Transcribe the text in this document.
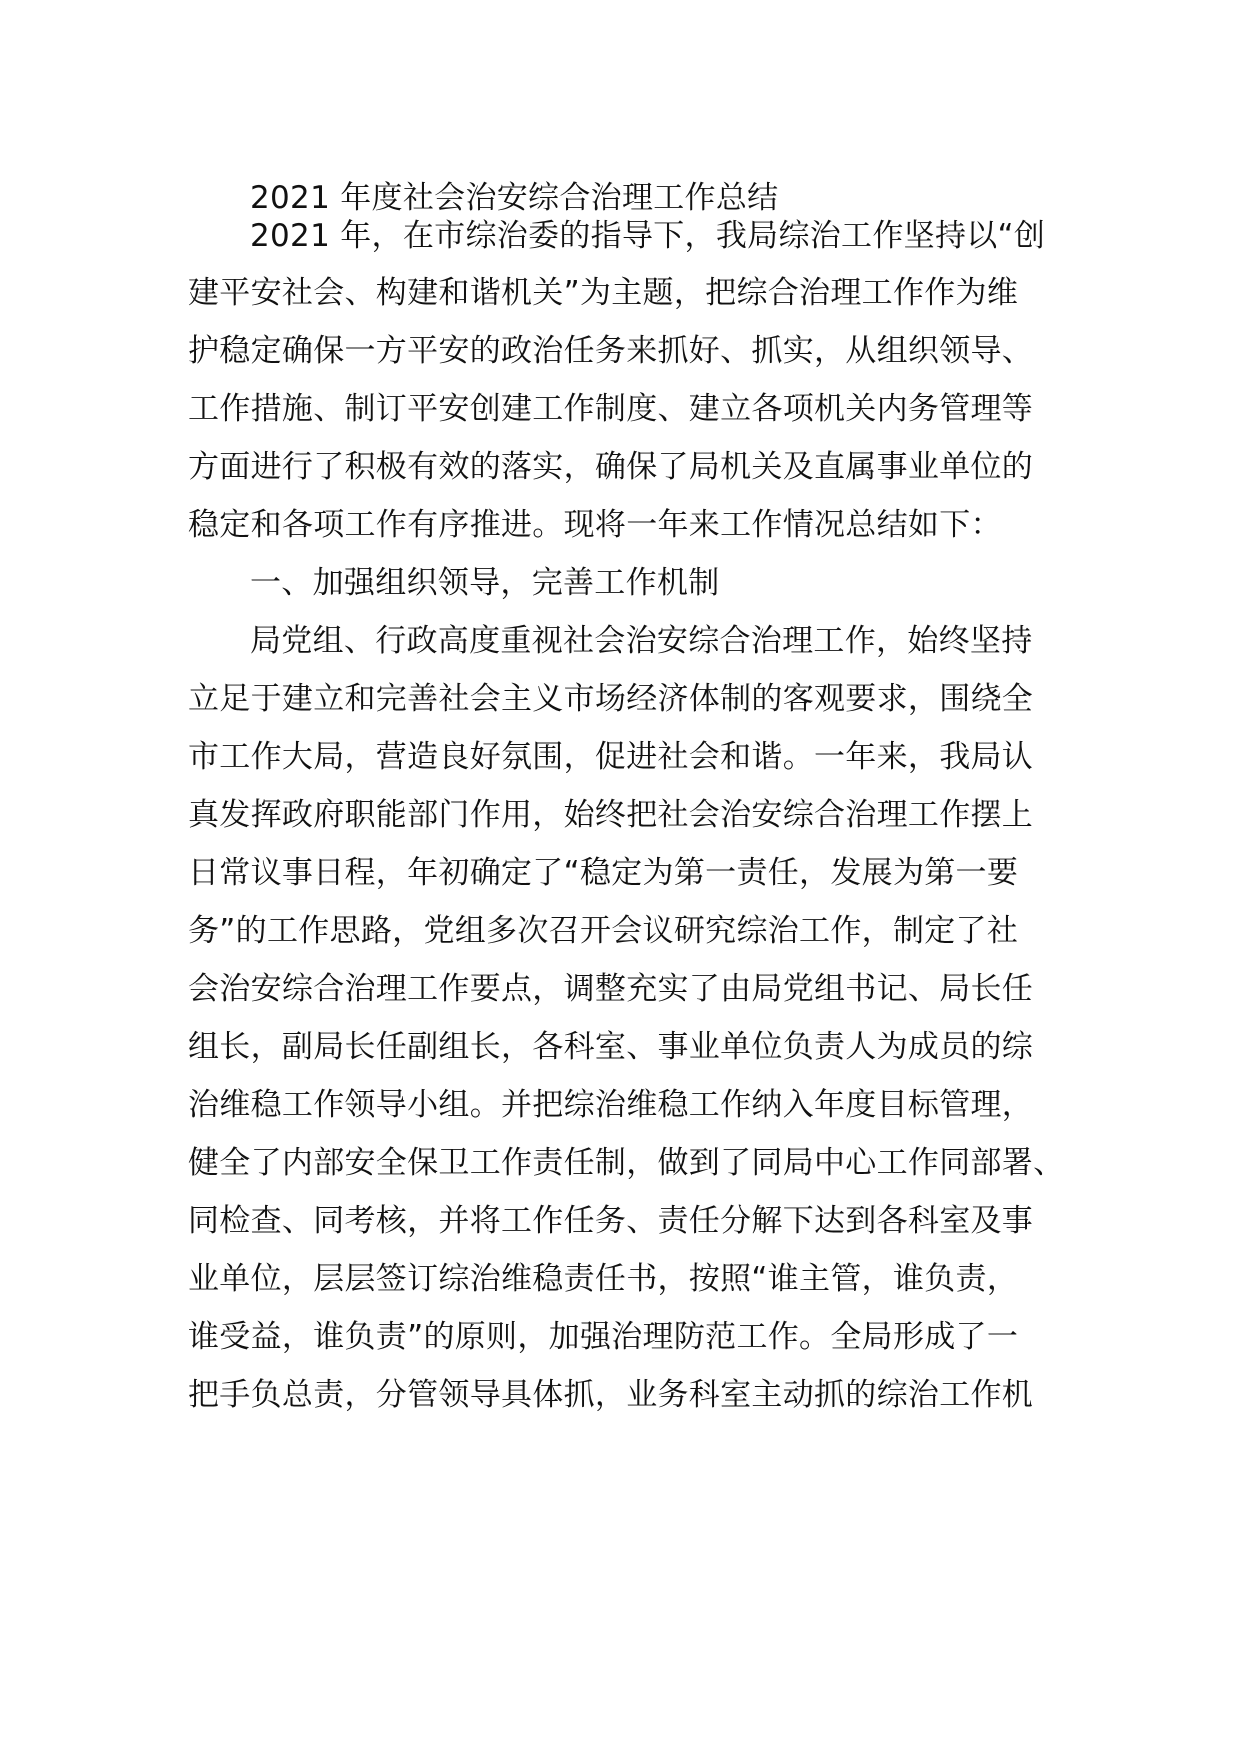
2021 年度社会治安综合治理工作总结
2021 年，在市综治委的指导下，我局综治工作坚持以“创
建平安社会、构建和谐机关”为主题，把综合治理工作作为维
护稳定确保一方平安的政治任务来抓好、抓实，从组织领导、
工作措施、制订平安创建工作制度、建立各项机关内务管理等
方面进行了积极有效的落实，确保了局机关及直属事业单位的
稳定和各项工作有序推进。现将一年来工作情况总结如下：
一、加强组织领导，完善工作机制
局党组、行政高度重视社会治安综合治理工作，始终坚持
立足于建立和完善社会主义市场经济体制的客观要求，围绕全
市工作大局，营造良好氛围，促进社会和谐。一年来，我局认
真发挥政府职能部门作用，始终把社会治安综合治理工作摆上
日常议事日程，年初确定了“稳定为第一责任，发展为第一要
务”的工作思路，党组多次召开会议研究综治工作，制定了社
会治安综合治理工作要点，调整充实了由局党组书记、局长任
组长，副局长任副组长，各科室、事业单位负责人为成员的综
治维稳工作领导小组。并把综治维稳工作纳入年度目标管理，
健全了内部安全保卫工作责任制，做到了同局中心工作同部署、
同检查、同考核，并将工作任务、责任分解下达到各科室及事
业单位，层层签订综治维稳责任书，按照“谁主管，谁负责，
谁受益，谁负责”的原则，加强治理防范工作。全局形成了一
把手负总责，分管领导具体抓，业务科室主动抓的综治工作机
